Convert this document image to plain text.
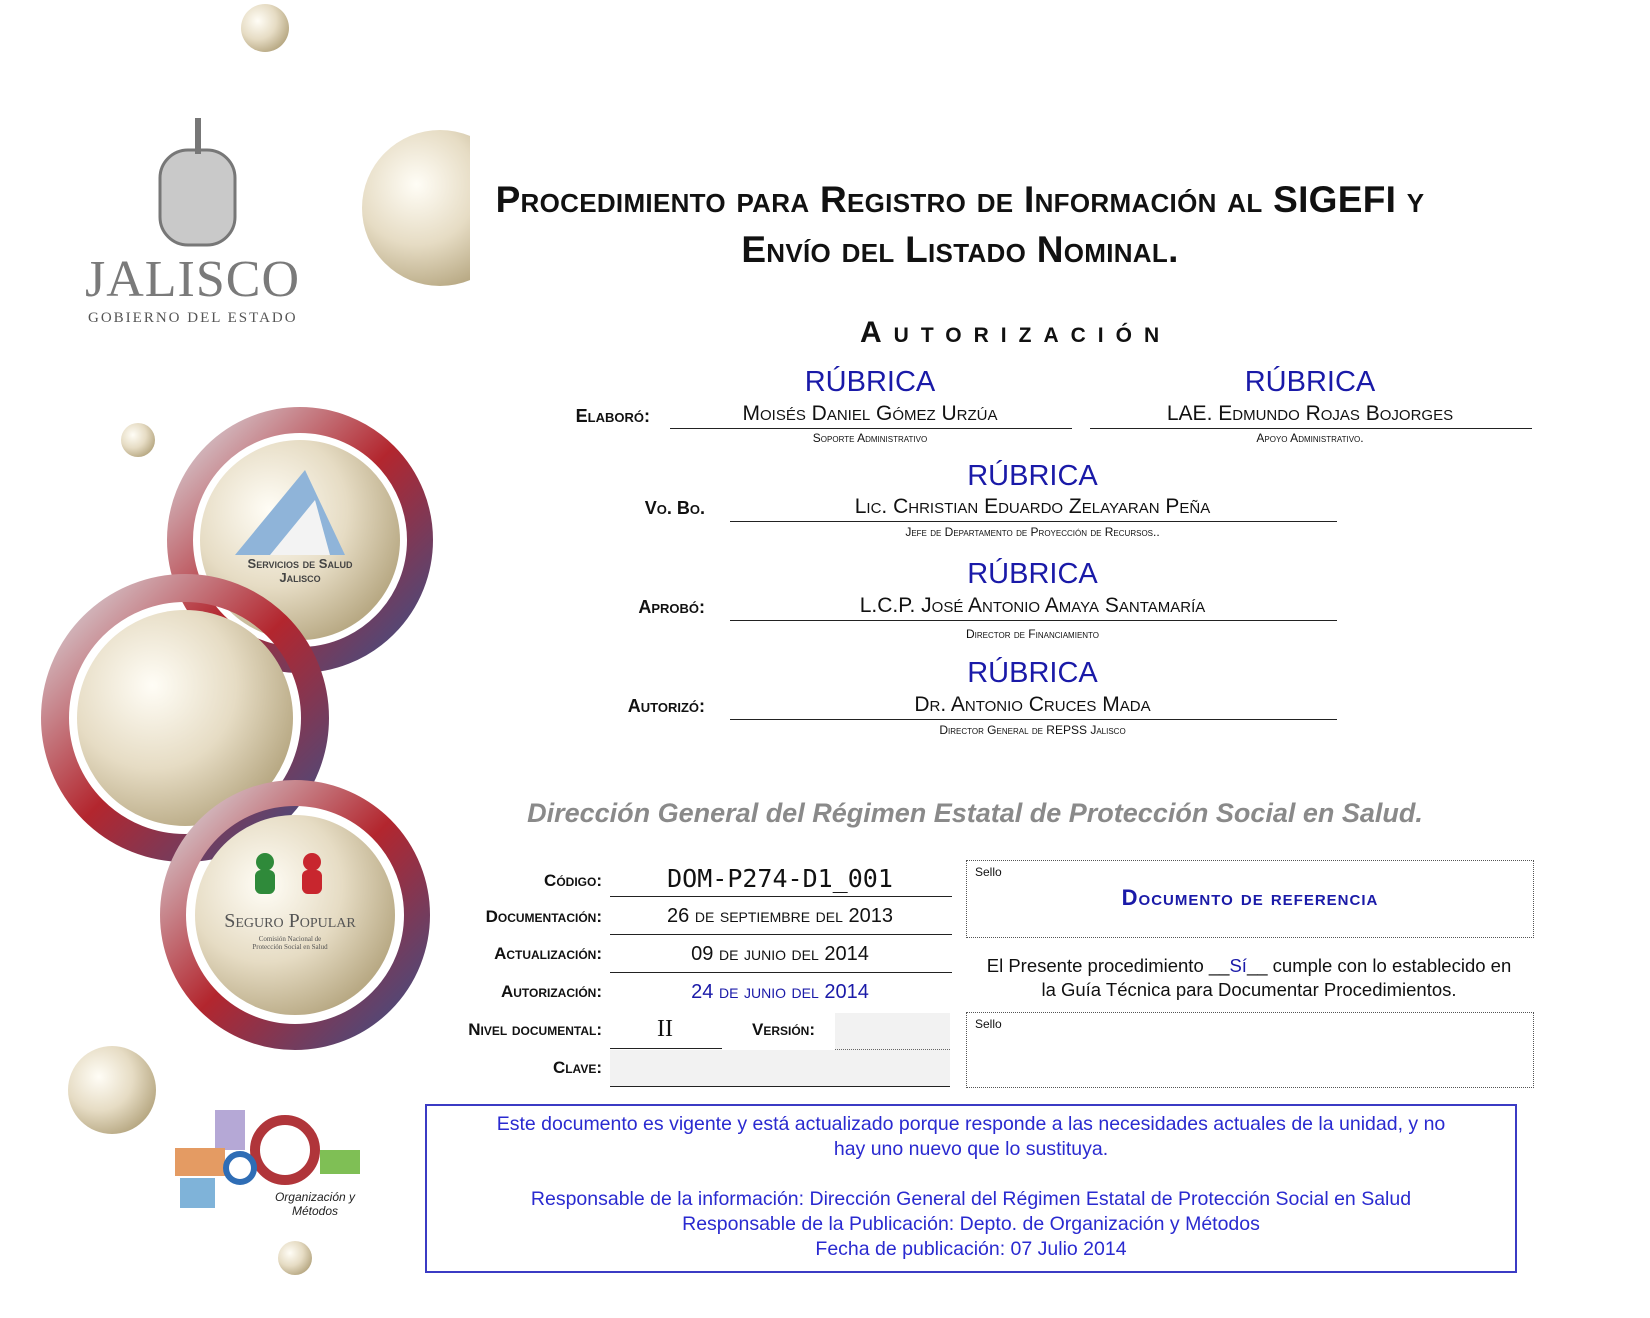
JALISCO
GOBIERNO DEL ESTADO
Servicios de Salud
Jalisco
Seguro Popular
Comisión Nacional de
Protección Social en Salud
Organización y
Métodos
Procedimiento para Registro de Información al SIGEFI y
Envío del Listado Nominal.
Autorización
Elaboró:
RÚBRICA
Moisés Daniel Gómez Urzúa
Soporte Administrativo
RÚBRICA
LAE. Edmundo Rojas Bojorges
Apoyo Administrativo.
Vo. Bo.
RÚBRICA
Lic. Christian Eduardo Zelayaran Peña
Jefe de Departamento de Proyección de Recursos..
Aprobó:
RÚBRICA
L.C.P. José Antonio Amaya Santamaría
Director de Financiamiento
Autorizó:
RÚBRICA
Dr. Antonio Cruces Mada
Director General de REPSS Jalisco
Dirección General del Régimen Estatal de Protección Social en Salud.
Código:	DOM-P274-D1_001
Documentación:	26 de septiembre del 2013
Actualización:	09 de junio del 2014
Autorización:	24 de junio del 2014
Nivel documental:	II	Versión:
Clave:
Sello
Documento de referencia
El Presente procedimiento __Sí__ cumple con lo establecido en
la Guía Técnica para Documentar Procedimientos.
Sello
Este documento es vigente y está actualizado porque responde a las necesidades actuales de la unidad, y no
hay uno nuevo que lo sustituya.
Responsable de la información: Dirección General del Régimen Estatal de Protección Social en Salud
Responsable de la Publicación: Depto. de Organización y Métodos
Fecha de publicación: 07 Julio 2014
